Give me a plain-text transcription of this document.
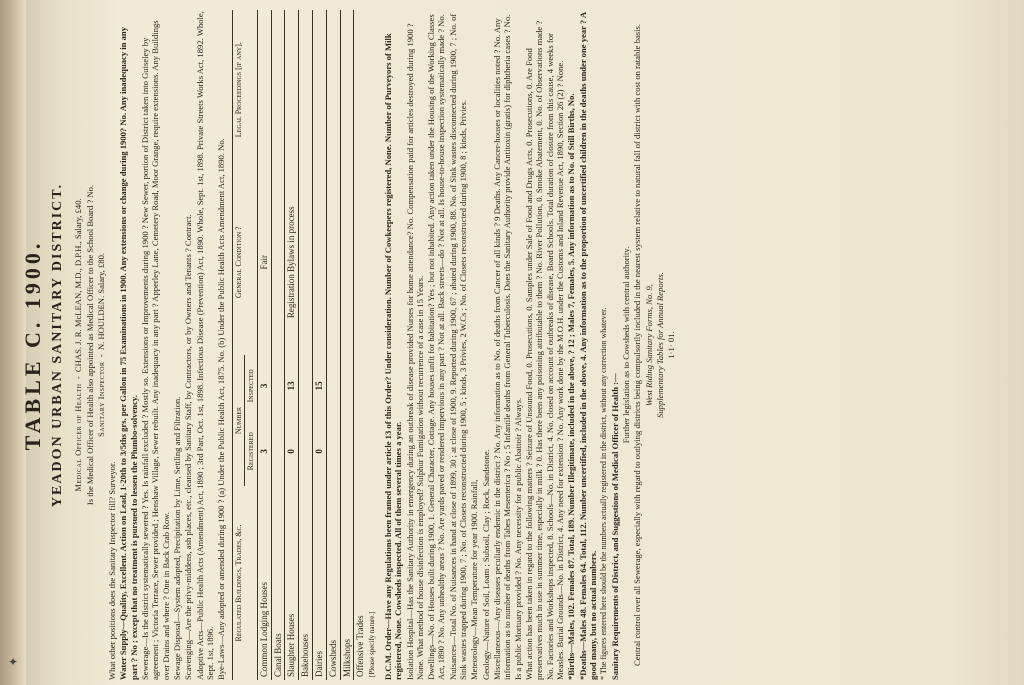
✦
TABLE C. 1900. YEADON URBAN SANITARY DISTRICT. Medical Officer of Health  -  CHAS. J. R. McLEAN, M.D., D.P.H., Salary, £40. Is the Medical Officer of Health also appointed as Medical Officer to the School Board ? No. Sanitary Inspector  -  N. HOULDEN. Salary, £80.

What other positions does the Sanitary Inspector fill? Surveyor. Water Supply—Quality, Excellent. Action on Lead, 1·20th to 3/5ths grs. per Gallon in 75 Examinations in 1900. Any extensions or change during 1900? No. Any inadequacy in any part ? No ; except that no treatment is pursued to lessen the Plumbo-solvency. Sewerage—Is the district systematically sewered ? Yes. Is rainfall excluded ? Mostly so. Extensions or Improvements during 1900 ? New Sewer, portion of District taken into Guiseley by agreement ; Victoria Terrace, Sewer provided ; Henshaw Village, Sewer rebuilt. Any inadequacy in any part ? Apperley Lane, Cemetery Road, Moor Grange, require extensions. Any Buildings over Drains and where ? One in Back Crab Row. Sewage Disposal—System adopted, Precipitation by Lime, Settling and Filtration. Scavenging—Are the privy-middens, ash places, etc., cleansed by Sanitary Staff, by Contractors, or by Owners and Tenants ? Contract. Adoptive Acts—Public Health Acts (Amendment) Act, 1890 ; 3rd Part, Oct. 1st, 1898. Infectious Disease (Prevention) Act, 1890. Whole, Sept. 1st, 1898. Private Streets Works Act, 1892. Whole, Sept. 1st, 1896. Bye-Laws—Any adopted or amended during 1900 ? (a) Under the Public Health Act, 1875. No. (b) Under the Public Health Acts Amendment Act, 1890. No. Regulated Buildings, Trades, &c.	Number		General Condition ?	Legal Proceedings [if any].
	Registered	Inspected		
Common Lodging Houses	3	3	Fair	
Canal Boats				
Slaughter Houses	0	13	Registration Bylaws in process	
Bakehouses				
Dairies	0	15		
Cowsheds				
Milkshops				
Offensive Trades [Please specify nature.]				D.C.M. Order—Have any Regulations been framed under article 13 of this Order? Under consideration. Number of Cowkeepers registered, None. Number of Purveyors of Milk registered, None. Cowsheds inspected. All of them several times a year. Isolation Hospital—Has the Sanitary Authority in emergency during an outbreak of disease provided Nurses for home attendance? No. Compensation paid for articles destroyed during 1900 ? None. What method of house disinfection is employed? Sulphur Fumigation without recurrence of a case in 15 Years. Dwellings—No. of Houses built during 1900, 1. General Character, Cottage. Any houses unfit for habitation? Yes ; but not inhabited. Any action taken under the Housing of the Working Classes Act, 1890 ? No. Any unhealthy areas ? No. Are yards paved or rendered impervious in any part ? Not at all. Back streets—do ? Not at all. Is house-to-house inspection systematically made ? No. Nuisances—Total No. of Nuisances in hand at close of 1899, 30 ; at close of 1900, 9. Reported during 1900, 67 ; abated during 1900, 88. No. of Sink wastes disconnected during 1900, 7 ; No. of Sink wastes trapped during 1900, 7 ; No. of Closets reconstructed during 1900, 5 ; kinds, 3 Privies, 2 W.Cs ; No. of Closets reconstructed during 1900, 8 ; kinds, Privies. Meteorology—Mean Temperature for year 1900. Rainfall, Geology—Nature of Soil, Loam ; Subsoil, Clay ; Rock, Sandstone. Miscellaneous—Any diseases peculiarly endemic in the district ? No. Any information as to No. of deaths from Cancer of all kinds ? 9 Deaths. Any Cancer-houses or localities noted ? No. Any information as to number of deaths from Tabes Mesenterica ? No ; 5 Infantile deaths from General Tuberculosis. Does the Sanitary Authority provide Antitoxin (gratis) for diphtheria cases ? No. Is a public Mortuary provided ? No. Any necessity for a public Abattoir ? Always. What action has been taken in regard to the following matters ? Seizure of Unsound Food, 0. Prosecutions, 0. Samples under Sale of Food and Drugs Acts, 0. Prosecutions, 0. Are Food preservatives much in use in summer time, especially in milk ? 0. Has there been any poisoning attributable to them ? No. River Pollution, 0. Smoke Abatement, 0. No. of Observations made ? No. Factories and Workshops inspected, 8. Schools—No. in District, 4. No. closed on account of outbreaks of disease, Board Schools. Total duration of closure from this cause, 4 weeks for Measles. Burial Grounds—No. in District, 4. Any need for extension ? No. Any work done by the M.O.H. under the Customs and Inland Revenue Act, 1890, Section 26 (2) ? None. *Births—Males, 102. Females 87. Total, 189. Number Illegitimate, included in the above, ? 12 ; Males 7, Females, 5. Any information as to No. of Still Births, No. *Deaths—Males 48. Females 64. Total, 112. Number uncertified, included in the above, 4. Any information as to the proportion of uncertified children in the deaths under one year ? A good many, but no actual numbers. * The figures entered here should be the numbers actually registered in the district, without any correction whatever. Sanitary Requirements of District, and Suggestions of Medical Officer of Health :—

Further legislation as to Cowsheds with central authority. Central control over all Sewerage, especially with regard to outlying districts being compulsorily included in the nearest system relative to natural fall of district with cost on ratable basis. West Riding Sanitary Forms, No. 9, Supplementary Tables for Annual Reports. 1·1· 01.
